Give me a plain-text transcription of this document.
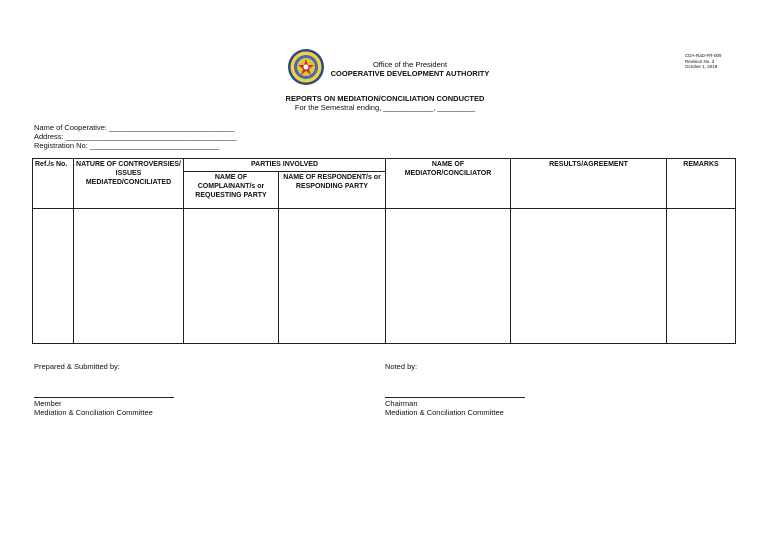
CDA-RaD-FR-009
Revision No. 3
October 1, 2019
Office of the President
COOPERATIVE DEVELOPMENT AUTHORITY
REPORTS ON MEDIATION/CONCILIATION CONDUCTED
For the Semestral ending, ____________, _________
Name of Cooperative: ______________________________
Address: _________________________________________
Registration No: _______________________________
Ref./s No.	NATURE OF CONTROVERSIES/ ISSUES MEDIATED/CONCILIATED	PARTIES INVOLVED		NAME OF MEDIATOR/CONCILIATOR	RESULTS/AGREEMENT	REMARKS
		NAME OF COMPLAINANT/s or REQUESTING PARTY	NAME OF RESPONDENT/s or RESPONDING PARTY			

Prepared & Submitted by:
Member
Mediation & Conciliation Committee
Noted by:
Chairman
Mediation & Conciliation Committee
